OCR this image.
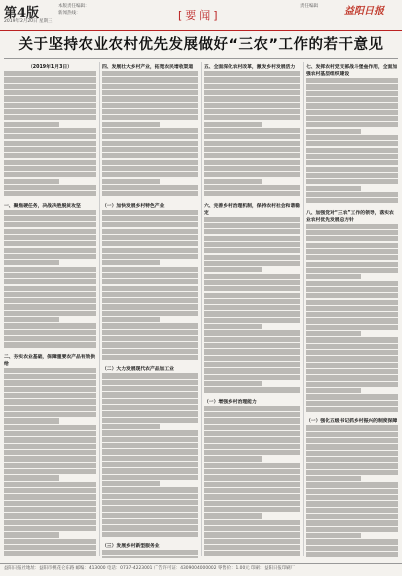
第4版
2019年2月20日 星期三
本版责任编辑：
新闻热线：	[要闻]
责任编辑	益阳日报
关于坚持农业农村优先发展做好“三农”工作的若干意见
（2019年1月3日）
一、聚焦硬任务，决战决胜脱贫攻坚
二、夯实农业基础，保障重要农产品有效供给
四、发展壮大乡村产业，拓宽农民增收渠道
（一）加快发展乡村特色产业
（二）大力发展现代农产品加工业
（三）发展乡村新型服务业
五、全面深化农村改革，激发乡村发展活力
六、完善乡村治理机制，保持农村社会和谐稳定
（一）增强乡村治理能力
七、发挥农村党支部战斗堡垒作用，全面加强农村基层组织建设
八、加强党对“三农”工作的领导，落实农业农村优先发展总方针
（一）强化五级书记抓乡村振兴的制度保障
益阳日报社地址：益阳市桃花仑东路 邮编：413000 电话：0737-4223001 广告许可证：4309004000002 零售价：1.00元 印刷：益阳日报印刷厂
